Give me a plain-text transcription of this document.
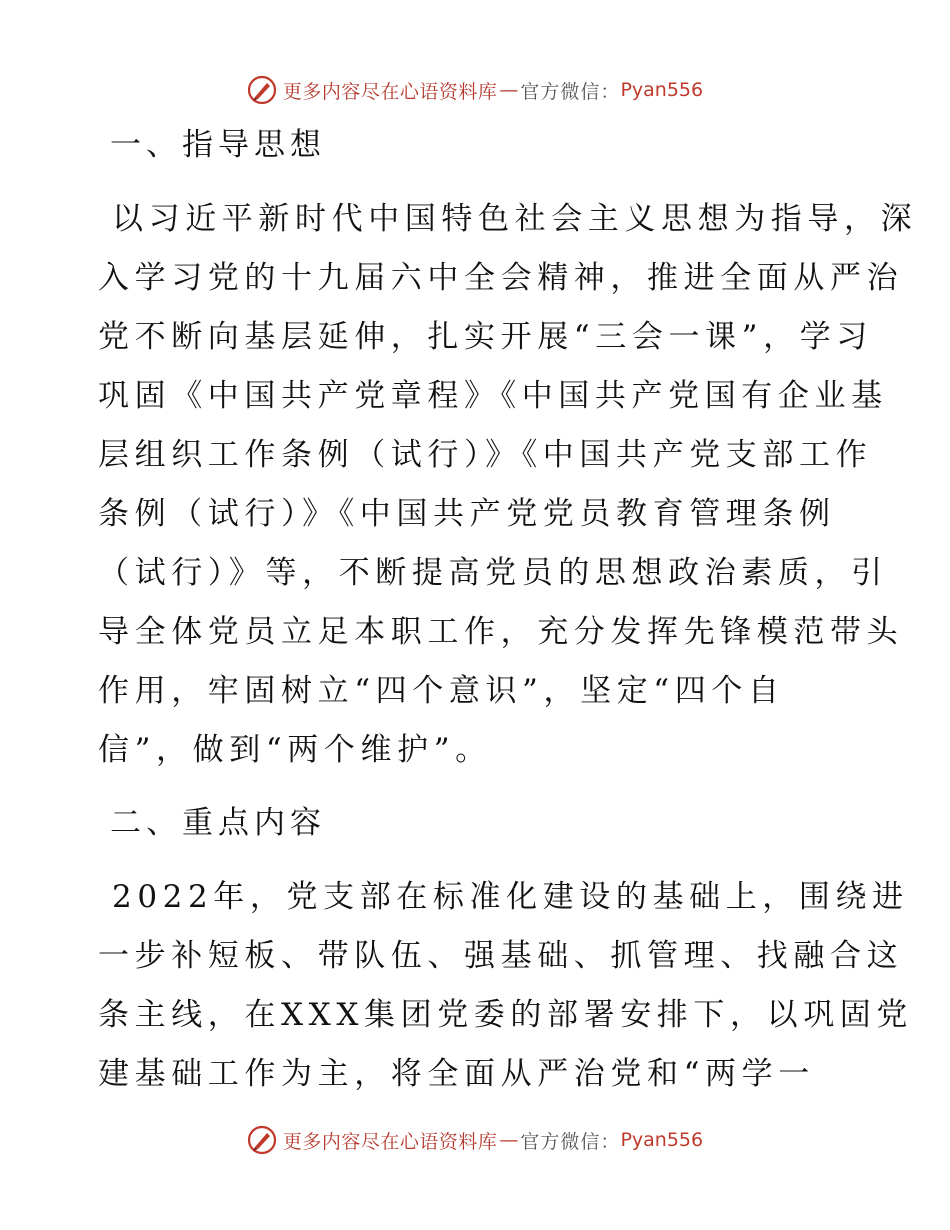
更多内容尽在心语资料库 — 官方微信： Pyan556
一、指导思想
以习近平新时代中国特色社会主义思想为指导，深
入学习党的十九届六中全会精神，推进全面从严治
党不断向基层延伸，扎实开展“三会一课”，学习
巩固《中国共产党章程》《中国共产党国有企业基
层组织工作条例（试行）》《中国共产党支部工作
条例（试行）》《中国共产党党员教育管理条例
（试行）》等，不断提高党员的思想政治素质，引
导全体党员立足本职工作，充分发挥先锋模范带头
作用，牢固树立“四个意识”，坚定“四个自
信”，做到“两个维护”。
二、重点内容
2022年，党支部在标准化建设的基础上，围绕进
一步补短板、带队伍、强基础、抓管理、找融合这
条主线，在XXX集团党委的部署安排下，以巩固党
建基础工作为主，将全面从严治党和“两学一
更多内容尽在心语资料库 — 官方微信： Pyan556
